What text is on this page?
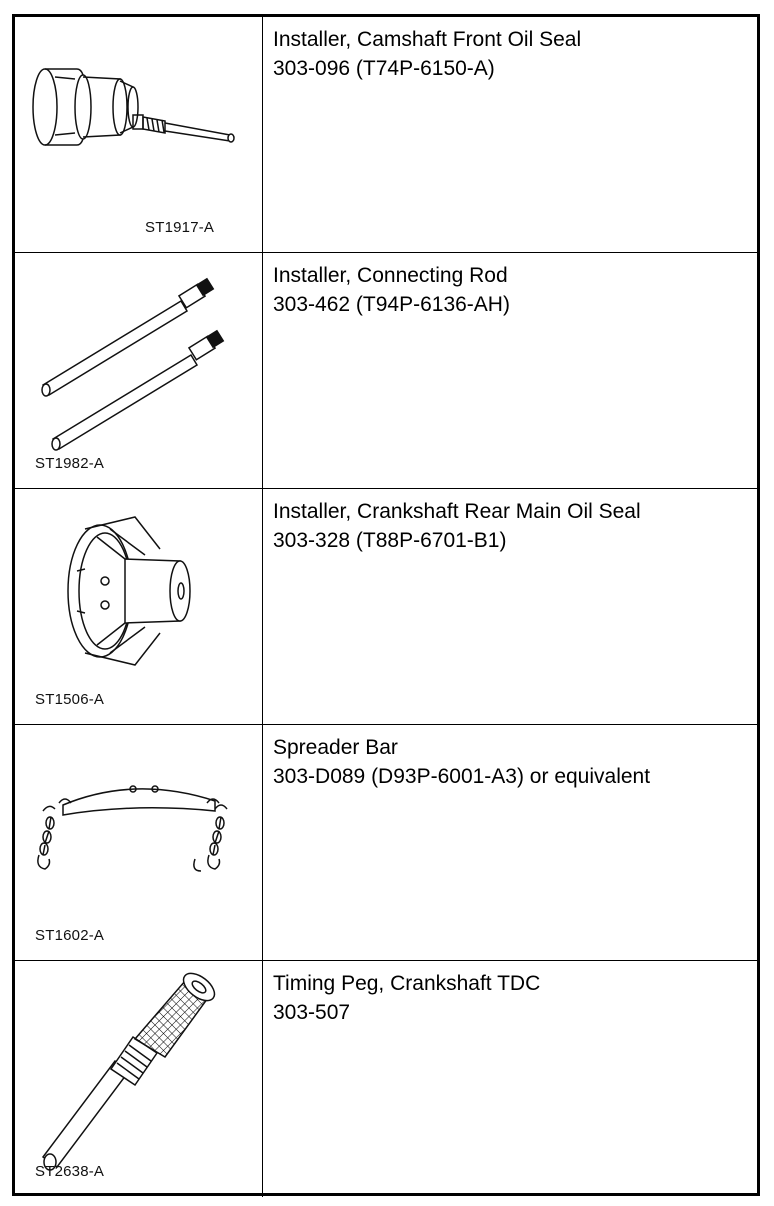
ST1917-A
Installer, Camshaft Front Oil Seal
303-096 (T74P-6150-A)
ST1982-A
Installer, Connecting Rod
303-462 (T94P-6136-AH)
ST1506-A
Installer, Crankshaft Rear Main Oil Seal
303-328 (T88P-6701-B1)
ST1602-A
Spreader Bar
303-D089 (D93P-6001-A3) or equivalent
ST2638-A
Timing Peg, Crankshaft TDC
303-507
